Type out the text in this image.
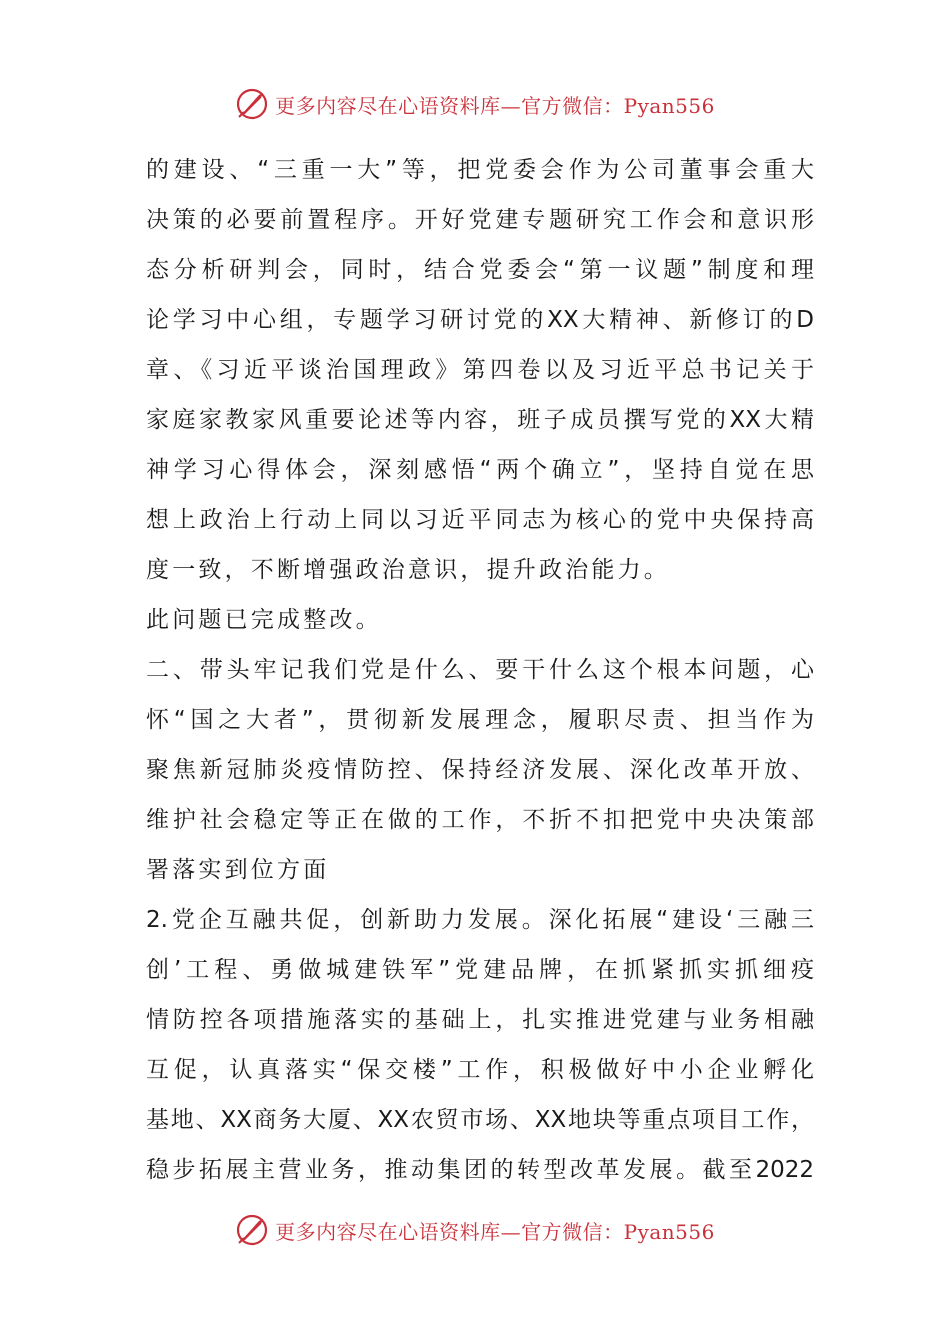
更多内容尽在心语资料库—官方微信：Pyan556
的建设、“三重一大”等，把党委会作为公司董事会重大
决策的必要前置程序。开好党建专题研究工作会和意识形
态分析研判会，同时，结合党委会“第一议题”制度和理
论学习中心组，专题学习研讨党的XX大精神、新修订的D
章、《习近平谈治国理政》第四卷以及习近平总书记关于
家庭家教家风重要论述等内容，班子成员撰写党的XX大精
神学习心得体会，深刻感悟“两个确立”，坚持自觉在思
想上政治上行动上同以习近平同志为核心的党中央保持高
度一致，不断增强政治意识，提升政治能力。
此问题已完成整改。
二、带头牢记我们党是什么、要干什么这个根本问题，心
怀“国之大者”，贯彻新发展理念，履职尽责、担当作为
聚焦新冠肺炎疫情防控、保持经济发展、深化改革开放、
维护社会稳定等正在做的工作，不折不扣把党中央决策部
署落实到位方面
2.党企互融共促，创新助力发展。深化拓展“建设‘三融三
创’工程、勇做城建铁军”党建品牌，在抓紧抓实抓细疫
情防控各项措施落实的基础上，扎实推进党建与业务相融
互促，认真落实“保交楼”工作，积极做好中小企业孵化
基地、XX商务大厦、XX农贸市场、XX地块等重点项目工作，
稳步拓展主营业务，推动集团的转型改革发展。截至2022
更多内容尽在心语资料库—官方微信：Pyan556
